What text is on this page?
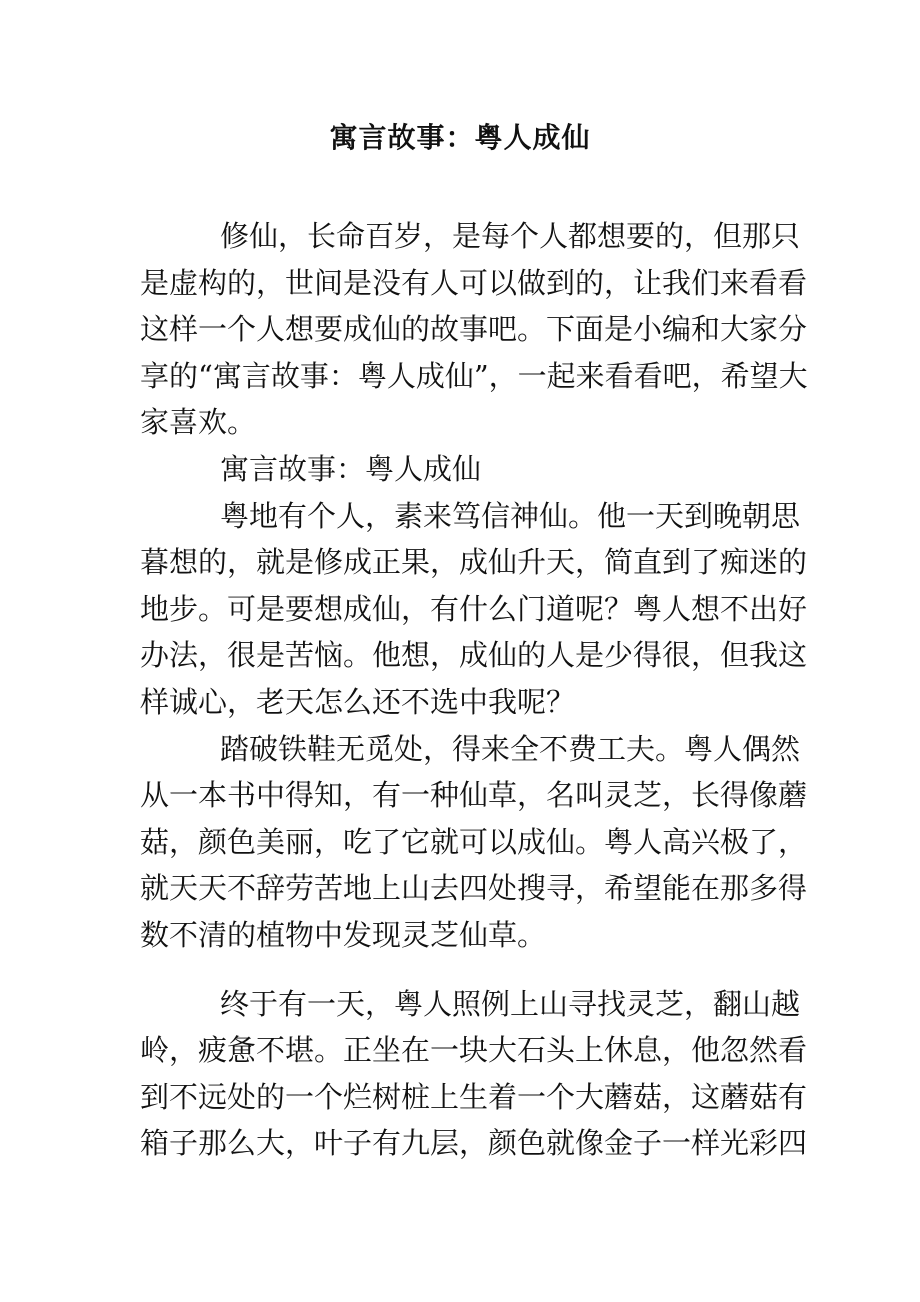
寓言故事：粤人成仙
修仙，长命百岁，是每个人都想要的，但那只
是虚构的，世间是没有人可以做到的，让我们来看看
这样一个人想要成仙的故事吧。下面是小编和大家分
享的“寓言故事：粤人成仙”，一起来看看吧，希望大
家喜欢。
寓言故事：粤人成仙
粤地有个人，素来笃信神仙。他一天到晚朝思
暮想的，就是修成正果，成仙升天，简直到了痴迷的
地步。可是要想成仙，有什么门道呢？粤人想不出好
办法，很是苦恼。他想，成仙的人是少得很，但我这
样诚心，老天怎么还不选中我呢？
踏破铁鞋无觅处，得来全不费工夫。粤人偶然
从一本书中得知，有一种仙草，名叫灵芝，长得像蘑
菇，颜色美丽，吃了它就可以成仙。粤人高兴极了，
就天天不辞劳苦地上山去四处搜寻，希望能在那多得
数不清的植物中发现灵芝仙草。
终于有一天，粤人照例上山寻找灵芝，翻山越
岭，疲惫不堪。正坐在一块大石头上休息，他忽然看
到不远处的一个烂树桩上生着一个大蘑菇，这蘑菇有
箱子那么大，叶子有九层，颜色就像金子一样光彩四
